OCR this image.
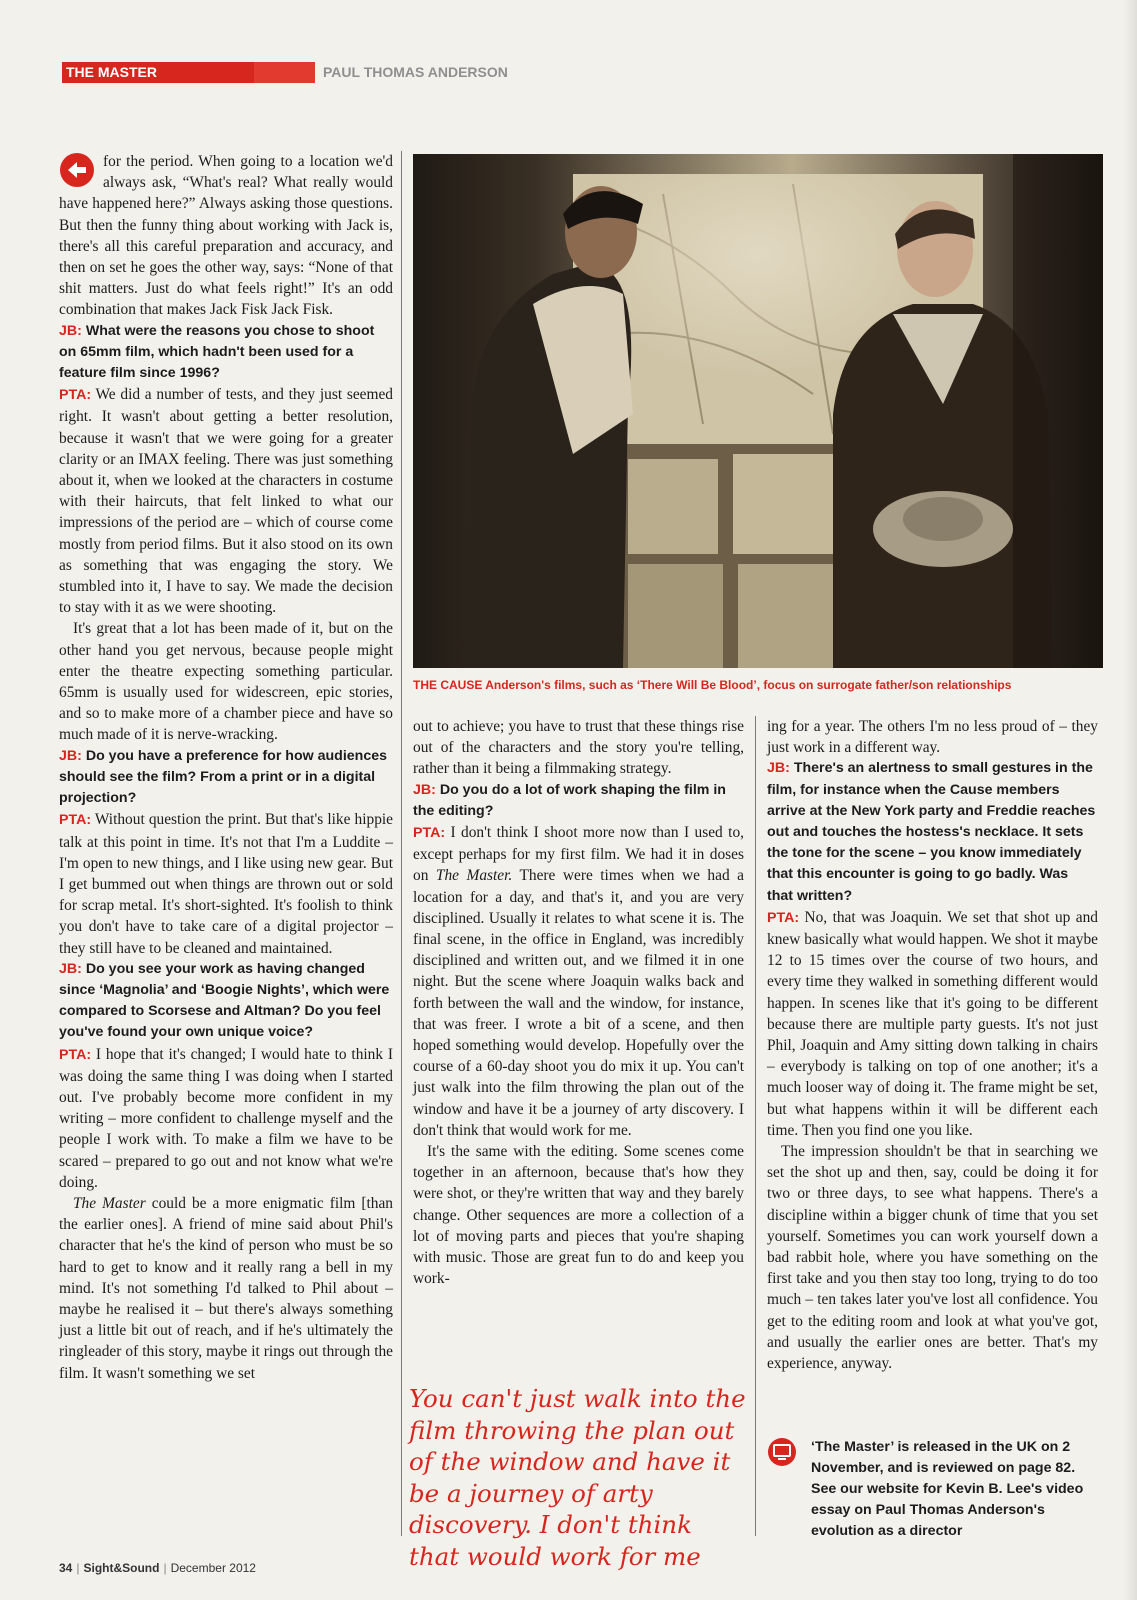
THE MASTER	PAUL THOMAS ANDERSON

for the period. When going to a location we'd always ask, “What's real? What really would have happened here?” Always asking those questions. But then the funny thing about working with Jack is, there's all this careful preparation and accuracy, and then on set he goes the other way, says: “None of that shit matters. Just do what feels right!” It's an odd combination that makes Jack Fisk Jack Fisk.

JB: What were the reasons you chose to shoot on 65mm film, which hadn't been used for a feature film since 1996?

PTA: We did a number of tests, and they just seemed right. It wasn't about getting a better resolution, because it wasn't that we were going for a greater clarity or an IMAX feeling. There was just something about it, when we looked at the characters in costume with their haircuts, that felt linked to what our impressions of the period are – which of course come mostly from period films. But it also stood on its own as something that was engaging the story. We stumbled into it, I have to say. We made the decision to stay with it as we were shooting.

It's great that a lot has been made of it, but on the other hand you get nervous, because people might enter the theatre expecting something particular. 65mm is usually used for widescreen, epic stories, and so to make more of a chamber piece and have so much made of it is nerve-wracking.

JB: Do you have a preference for how audiences should see the film? From a print or in a digital projection?

PTA: Without question the print. But that's like hippie talk at this point in time. It's not that I'm a Luddite – I'm open to new things, and I like using new gear. But I get bummed out when things are thrown out or sold for scrap metal. It's short-sighted. It's foolish to think you don't have to take care of a digital projector – they still have to be cleaned and maintained.

JB: Do you see your work as having changed since ‘Magnolia’ and ‘Boogie Nights’, which were compared to Scorsese and Altman? Do you feel you've found your own unique voice?

PTA: I hope that it's changed; I would hate to think I was doing the same thing I was doing when I started out. I've probably become more confident in my writing – more confident to challenge myself and the people I work with. To make a film we have to be scared – prepared to go out and not know what we're doing.

The Master could be a more enigmatic film [than the earlier ones]. A friend of mine said about Phil's character that he's the kind of person who must be so hard to get to know and it really rang a bell in my mind. It's not something I'd talked to Phil about – maybe he realised it – but there's always something just a little bit out of reach, and if he's ultimately the ringleader of this story, maybe it rings out through the film. It wasn't something we set

THE CAUSE Anderson's films, such as ‘There Will Be Blood’, focus on surrogate father/son relationships

out to achieve; you have to trust that these things rise out of the characters and the story you're telling, rather than it being a filmmaking strategy.

JB: Do you do a lot of work shaping the film in the editing?

PTA: I don't think I shoot more now than I used to, except perhaps for my first film. We had it in doses on The Master. There were times when we had a location for a day, and that's it, and you are very disciplined. Usually it relates to what scene it is. The final scene, in the office in England, was incredibly disciplined and written out, and we filmed it in one night. But the scene where Joaquin walks back and forth between the wall and the window, for instance, that was freer. I wrote a bit of a scene, and then hoped something would develop. Hopefully over the course of a 60-day shoot you do mix it up. You can't just walk into the film throwing the plan out of the window and have it be a journey of arty discovery. I don't think that would work for me.

It's the same with the editing. Some scenes come together in an afternoon, because that's how they were shot, or they're written that way and they barely change. Other sequences are more a collection of a lot of moving parts and pieces that you're shaping with music. Those are great fun to do and keep you work-

You can't just walk into the film throwing the plan out of the window and have it be a journey of arty discovery. I don't think that would work for me

ing for a year. The others I'm no less proud of – they just work in a different way.

JB: There's an alertness to small gestures in the film, for instance when the Cause members arrive at the New York party and Freddie reaches out and touches the hostess's necklace. It sets the tone for the scene – you know immediately that this encounter is going to go badly. Was that written?

PTA: No, that was Joaquin. We set that shot up and knew basically what would happen. We shot it maybe 12 to 15 times over the course of two hours, and every time they walked in something different would happen. In scenes like that it's going to be different because there are multiple party guests. It's not just Phil, Joaquin and Amy sitting down talking in chairs – everybody is talking on top of one another; it's a much looser way of doing it. The frame might be set, but what happens within it will be different each time. Then you find one you like.

The impression shouldn't be that in searching we set the shot up and then, say, could be doing it for two or three days, to see what happens. There's a discipline within a bigger chunk of time that you set yourself. Sometimes you can work yourself down a bad rabbit hole, where you have something on the first take and you then stay too long, trying to do too much – ten takes later you've lost all confidence. You get to the editing room and look at what you've got, and usually the earlier ones are better. That's my experience, anyway.

‘The Master’ is released in the UK on 2 November, and is reviewed on page 82. See our website for Kevin B. Lee's video essay on Paul Thomas Anderson's evolution as a director
34 | Sight&Sound | December 2012
